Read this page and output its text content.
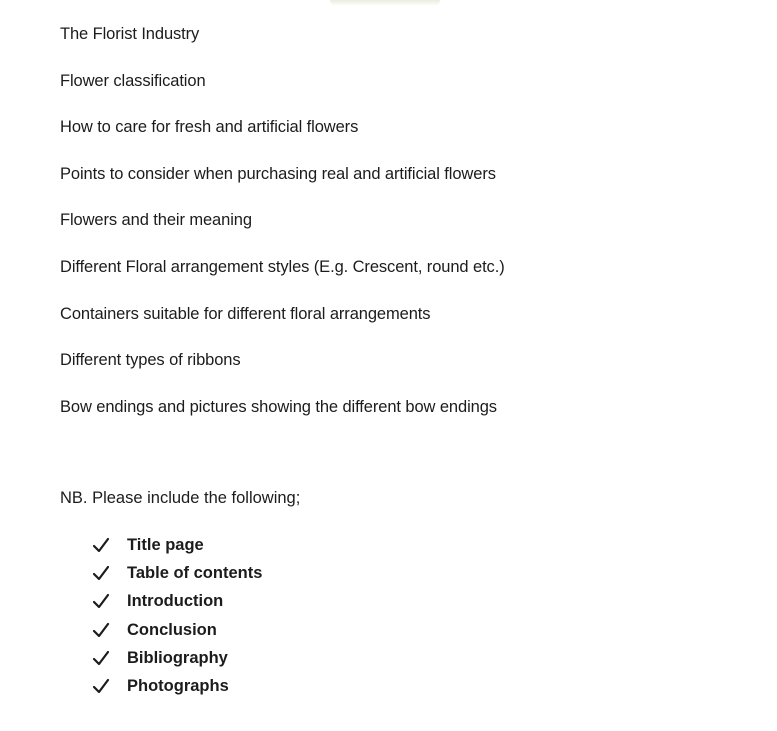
The Florist Industry
Flower classification
How to care for fresh and artificial flowers
Points to consider when purchasing real and artificial flowers
Flowers and their meaning
Different Floral arrangement styles (E.g. Crescent, round etc.)
Containers suitable for different floral arrangements
Different types of ribbons
Bow endings and pictures showing the different bow endings

NB. Please include the following;

Title page
Table of contents
Introduction
Conclusion
Bibliography
Photographs
